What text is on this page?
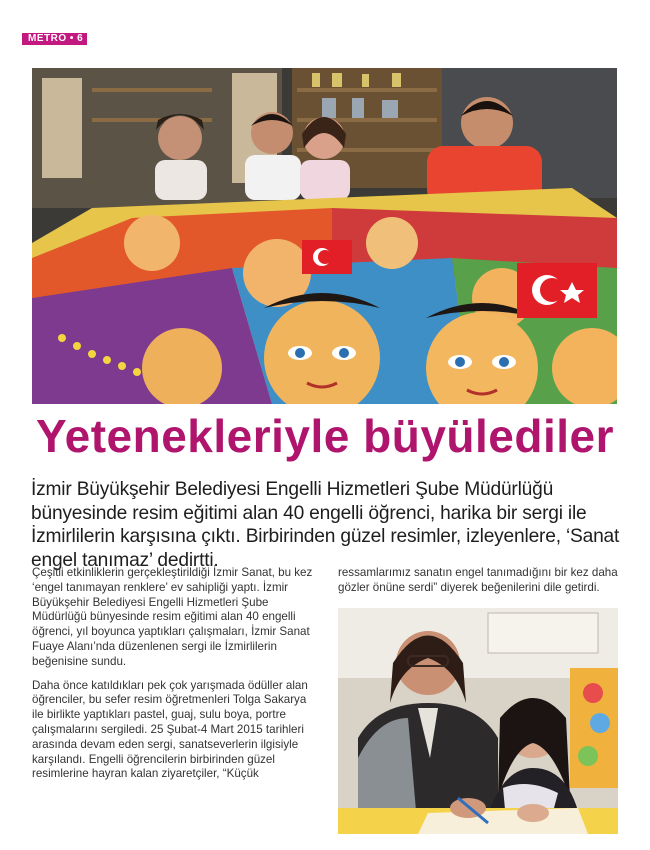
METRO • 6
Yetenekleriyle büyülediler

İzmir Büyükşehir Belediyesi Engelli Hizmetleri Şube Müdürlüğü bünyesinde resim eğitimi alan 40 engelli öğrenci, harika bir sergi ile İzmirlilerin karşısına çıktı. Birbirinden güzel resimler, izleyenlere, ‘Sanat engel tanımaz’ dedirtti.

Çeşitli etkinliklerin gerçekleştirildiği İzmir Sanat, bu kez ‘engel tanımayan renklere’ ev sahipliği yaptı. İzmir Büyükşehir Belediyesi Engelli Hizmetleri Şube Müdürlüğü bünyesinde resim eğitimi alan 40 engelli öğrenci, yıl boyunca yaptıkları çalışmaları, İzmir Sanat Fuaye Alanı’nda düzenlenen sergi ile İzmirlilerin beğenisine sundu.

Daha önce katıldıkları pek çok yarışmada ödüller alan öğrenciler, bu sefer resim öğretmenleri Tolga Sakarya ile birlikte yaptıkları pastel, guaj, sulu boya, portre çalışmalarını sergiledi. 25 Şubat-4 Mart 2015 tarihleri arasında devam eden sergi, sanatseverlerin ilgisiyle karşılandı. Engelli öğrencilerin birbirinden güzel resimlerine hayran kalan ziyaretçiler, “Küçük

ressamlarımız sanatın engel tanımadığını bir kez daha gözler önüne serdi” diyerek beğenilerini dile getirdi.
